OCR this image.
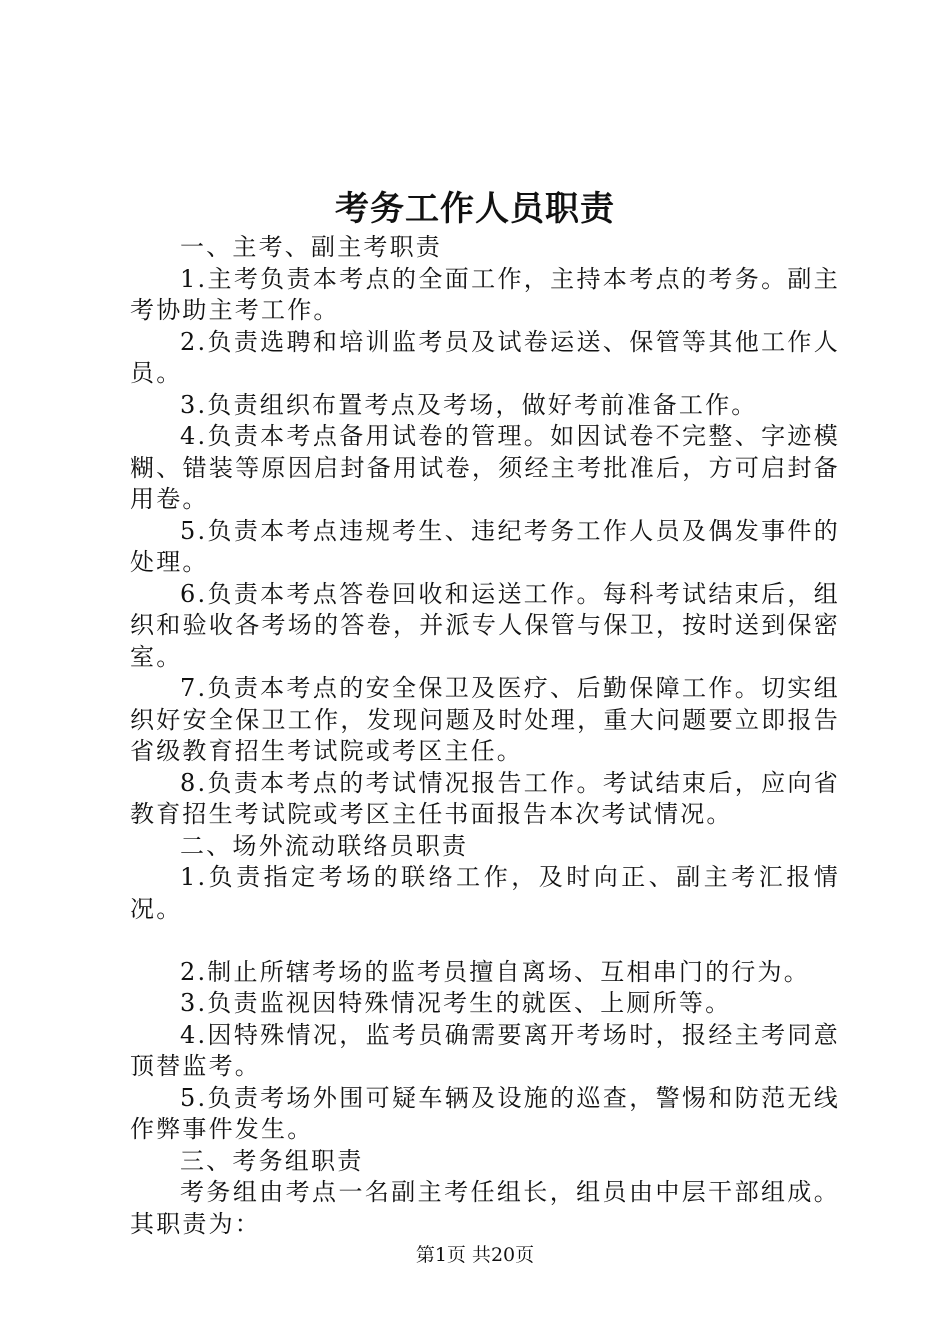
考务工作人员职责

一、主考、副主考职责

1.主考负责本考点的全面工作，主持本考点的考务。副主考协助主考工作。

2.负责选聘和培训监考员及试卷运送、保管等其他工作人员。

3.负责组织布置考点及考场，做好考前准备工作。

4.负责本考点备用试卷的管理。如因试卷不完整、字迹模糊、错装等原因启封备用试卷，须经主考批准后，方可启封备用卷。

5.负责本考点违规考生、违纪考务工作人员及偶发事件的处理。

6.负责本考点答卷回收和运送工作。每科考试结束后，组织和验收各考场的答卷，并派专人保管与保卫，按时送到保密室。

7.负责本考点的安全保卫及医疗、后勤保障工作。切实组织好安全保卫工作，发现问题及时处理，重大问题要立即报告省级教育招生考试院或考区主任。

8.负责本考点的考试情况报告工作。考试结束后，应向省教育招生考试院或考区主任书面报告本次考试情况。

二、场外流动联络员职责

1.负责指定考场的联络工作，及时向正、副主考汇报情况。

2.制止所辖考场的监考员擅自离场、互相串门的行为。

3.负责监视因特殊情况考生的就医、上厕所等。

4.因特殊情况，监考员确需要离开考场时，报经主考同意顶替监考。

5.负责考场外围可疑车辆及设施的巡查，警惕和防范无线作弊事件发生。

三、考务组职责

考务组由考点一名副主考任组长，组员由中层干部组成。其职责为：

第1页 共20页
